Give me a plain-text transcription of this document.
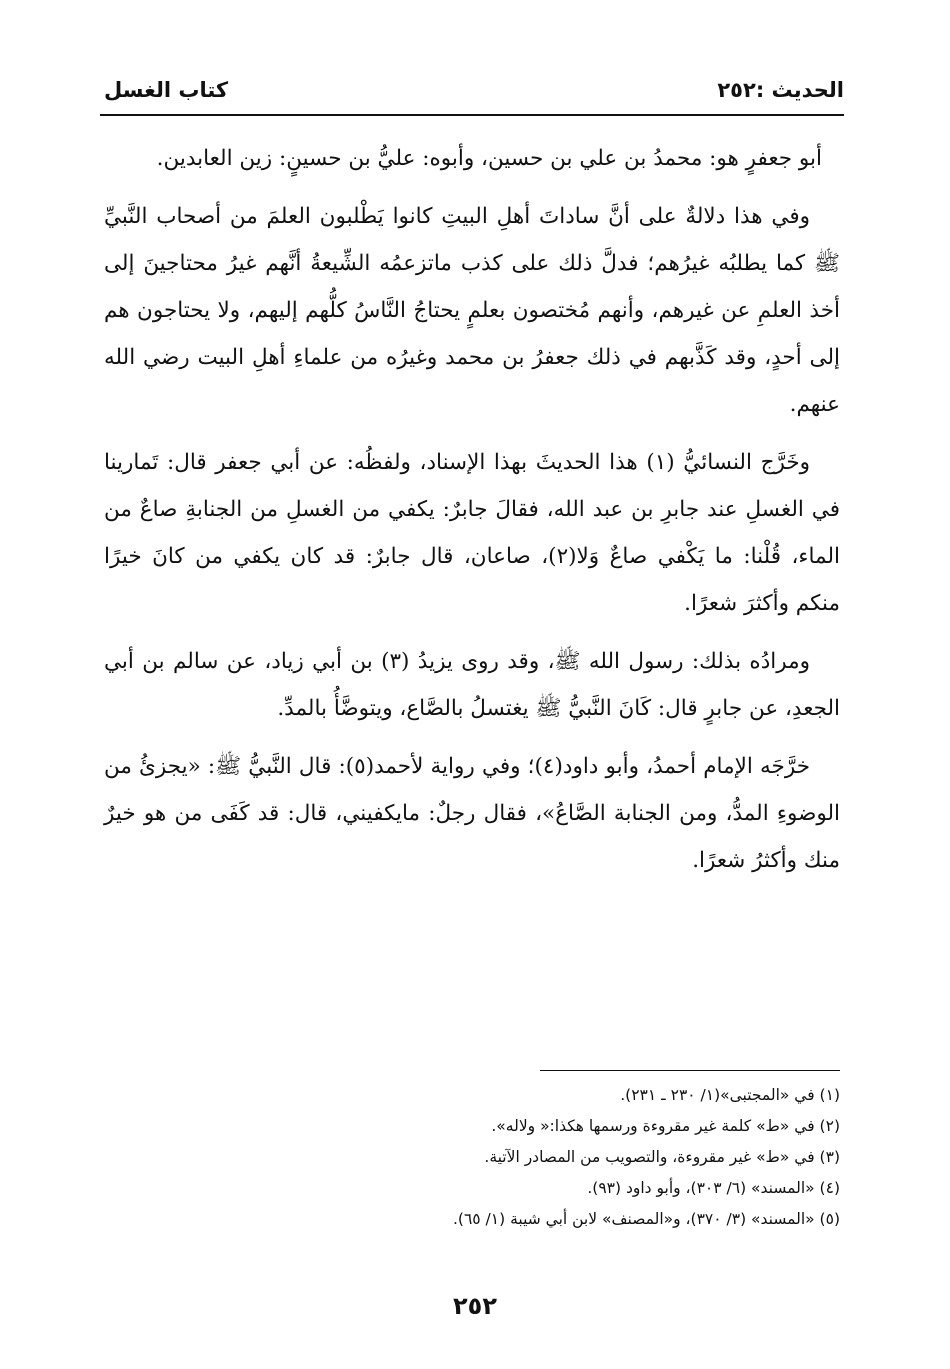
الحديث :٢٥٢
كتاب الغسل

أبو جعفرٍ هو: محمدُ بن علي بن حسين، وأبوه: عليُّ بن حسينٍ: زين العابدين.

وفي هذا دلالةٌ على أنَّ ساداتَ أهلِ البيتِ كانوا يَطْلبون العلمَ من أصحاب النَّبيِّ ﷺ كما يطلبُه غيرُهم؛ فدلَّ ذلك على كذب ماتزعمُه الشِّيعةُ أنَّهم غيرُ محتاجينَ إلى أخذ العلمِ عن غيرهم، وأنهم مُختصون بعلمٍ يحتاجُ النَّاسُ كلُّهم إليهم، ولا يحتاجون هم إلى أحدٍ، وقد كَذَّبهم في ذلك جعفرُ بن محمد وغيرُه من علماءِ أهلِ البيت رضي الله عنهم.

وخَرَّج النسائيُّ (١) هذا الحديثَ بهذا الإسناد، ولفظُه: عن أبي جعفر قال: تَمارينا في الغسلِ عند جابرِ بن عبد الله، فقالَ جابرٌ: يكفي من الغسلِ من الجنابةِ صاعٌ من الماء، قُلْنا: ما يَكْفي صاعٌ وَلا(٢)، صاعان، قال جابرٌ: قد كان يكفي من كانَ خيرًا منكم وأكثرَ شعرًا.

ومرادُه بذلك: رسول الله ﷺ، وقد روى يزيدُ (٣) بن أبي زياد، عن سالم بن أبي الجعدِ، عن جابرٍ قال: كَانَ النَّبيُّ ﷺ يغتسلُ بالصَّاع، ويتوضَّأُ بالمدِّ.

خرَّجَه الإمام أحمدُ، وأبو داود(٤)؛ وفي رواية لأحمد(٥): قال النَّبيُّ ﷺ: «يجزئُ من الوضوءِ المدُّ، ومن الجنابة الصَّاعُ»، فقال رجلٌ: مايكفيني، قال: قد كَفَى من هو خيرٌ منك وأكثرُ شعرًا.

(١) في «المجتبى»(١/ ٢٣٠ ـ ٢٣١).
(٢) في «ط» كلمة غير مقروءة ورسمها هكذا:« ولاله».
(٣) في «ط» غير مقروءة، والتصويب من المصادر الآتية.
(٤) «المسند» (٦/ ٣٠٣)، وأبو داود (٩٣).
(٥) «المسند» (٣/ ٣٧٠)، و«المصنف» لابن أبي شيبة (١/ ٦٥).
٢٥٢
